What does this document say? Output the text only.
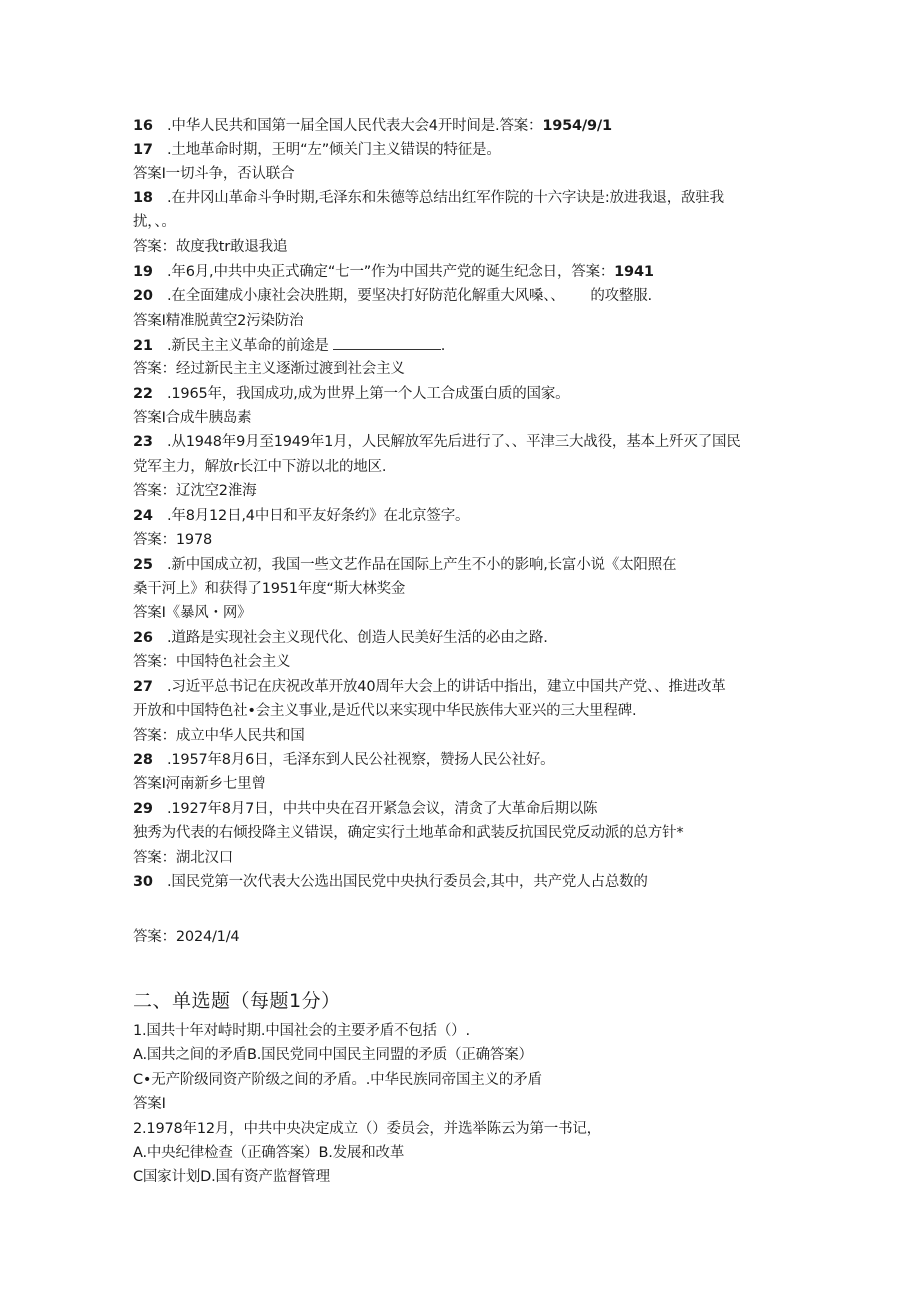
16 .中华人民共和国第一届全国人民代表大会4开时间是.答案：1954/9/1
17 .土地革命时期，王明“左”倾关门主义错误的特征是。
答案I一切斗争，否认联合
18 .在井冈山革命斗争时期,毛泽东和朱德等总结出红军作院的十六字诀是:放进我退，敌驻我
扰，、。
答案：故度我tr敢退我追
19 .年6月,中共中央正式确定“七一”作为中国共产党的诞生纪念日，答案：1941
20 .在全面建成小康社会决胜期，要坚决打好防范化解重大风嗓、、　　 的攻整服.
答案I精准脱黄空2污染防治
21 .新民主主义革命的前途是	.
答案：经过新民主主义逐渐过渡到社会主义
22 .1965年，我国成功,成为世界上第一个人工合成蛋白质的国家。
答案I合成牛胰岛素
23 .从1948年9月至1949年1月，人民解放军先后进行了、、平津三大战役，基本上歼灭了国民
党军主力，解放r长江中下游以北的地区.
答案：辽沈空2淮海
24 .年8月12日,4中日和平友好条约》在北京签字。
答案：1978
25 .新中国成立初，我国一些文艺作品在国际上产生不小的影响,长富小说《太阳照在
桑干河上》和获得了1951年度“斯大林奖金
答案I《暴风・网》
26 .道路是实现社会主义现代化、创造人民美好生活的必由之路.
答案：中国特色社会主义
27 .习近平总书记在庆祝改革开放40周年大会上的讲话中指出，建立中国共产党、、推进改革
开放和中国特色社•会主义事业,是近代以来实现中华民族伟大亚兴的三大里程碑.
答案：成立中华人民共和国
28 .1957年8月6日，毛泽东到人民公社视察，赞扬人民公社好。
答案I河南新乡七里曾
29 .1927年8月7日，中共中央在召开紧急会议，清贪了大革命后期以陈
独秀为代表的右倾投降主义错误，确定实行土地革命和武装反抗国民党反动派的总方针*
答案：湖北汉口
30 .国民党第一次代表大公选出国民党中央执行委员会,其中，共产党人占总数的
答案：2024/1/4
二、单选题（每题1分）
1.国共十年对峙时期.中国社会的主要矛盾不包括（）.
A.国共之间的矛盾B.国民党同中国民主同盟的矛质（正确答案）
C•无产阶级同资产阶级之间的矛盾。.中华民族同帝国主义的矛盾
答案I
2.1978年12月，中共中央决定成立（）委员会，并选举陈云为第一书记，
A.中央纪律检查（正确答案）B.发展和改革
C国家计划D.国有资产监督管理
